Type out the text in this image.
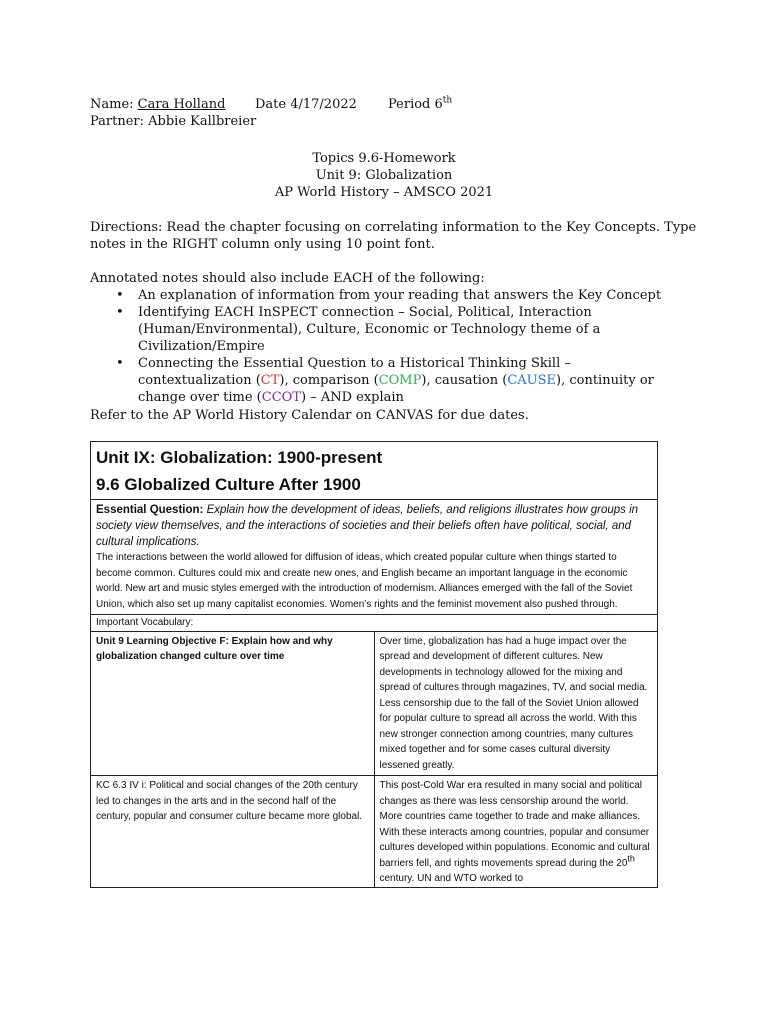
Name: Cara Holland Date 4/17/2022 Period 6th
Partner: Abbie Kallbreier
Topics 9.6-Homework
Unit 9: Globalization
AP World History – AMSCO 2021
Directions: Read the chapter focusing on correlating information to the Key Concepts. Type
notes in the RIGHT column only using 10 point font.
Annotated notes should also include EACH of the following:
• An explanation of information from your reading that answers the Key Concept
• Identifying EACH InSPECT connection – Social, Political, Interaction (Human/Environmental), Culture, Economic or Technology theme of a Civilization/Empire
• Connecting the Essential Question to a Historical Thinking Skill – contextualization (CT), comparison (COMP), causation (CAUSE), continuity or change over time (CCOT) – AND explain
Refer to the AP World History Calendar on CANVAS for due dates.
Unit IX: Globalization: 1900-present
9.6 Globalized Culture After 1900	

Essential Question: Explain how the development of ideas, beliefs, and religions illustrates how groups in society view themselves, and the interactions of societies and their beliefs often have political, social, and cultural implications.
The interactions between the world allowed for diffusion of ideas, which created popular culture when things started to become common. Cultures could mix and create new ones, and English became an important language in the economic world. New art and music styles emerged with the introduction of modernism. Alliances emerged with the fall of the Soviet Union, which also set up many capitalist economies. Women’s rights and the feminist movement also pushed through.	

Important Vocabulary:	
Unit 9 Learning Objective F: Explain how and why globalization changed culture over time	Over time, globalization has had a huge impact over the spread and development of different cultures. New developments in technology allowed for the mixing and spread of cultures through magazines, TV, and social media. Less censorship due to the fall of the Soviet Union allowed for popular culture to spread all across the world. With this new stronger connection among countries, many cultures mixed together and for some cases cultural diversity lessened greatly.
KC 6.3 IV i: Political and social changes of the 20th century led to changes in the arts and in the second half of the century, popular and consumer culture became more global.	This post-Cold War era resulted in many social and political changes as there was less censorship around the world. More countries came together to trade and make alliances. With these interacts among countries, popular and consumer cultures developed within populations. Economic and cultural barriers fell, and rights movements spread during the 20th century. UN and WTO worked to
